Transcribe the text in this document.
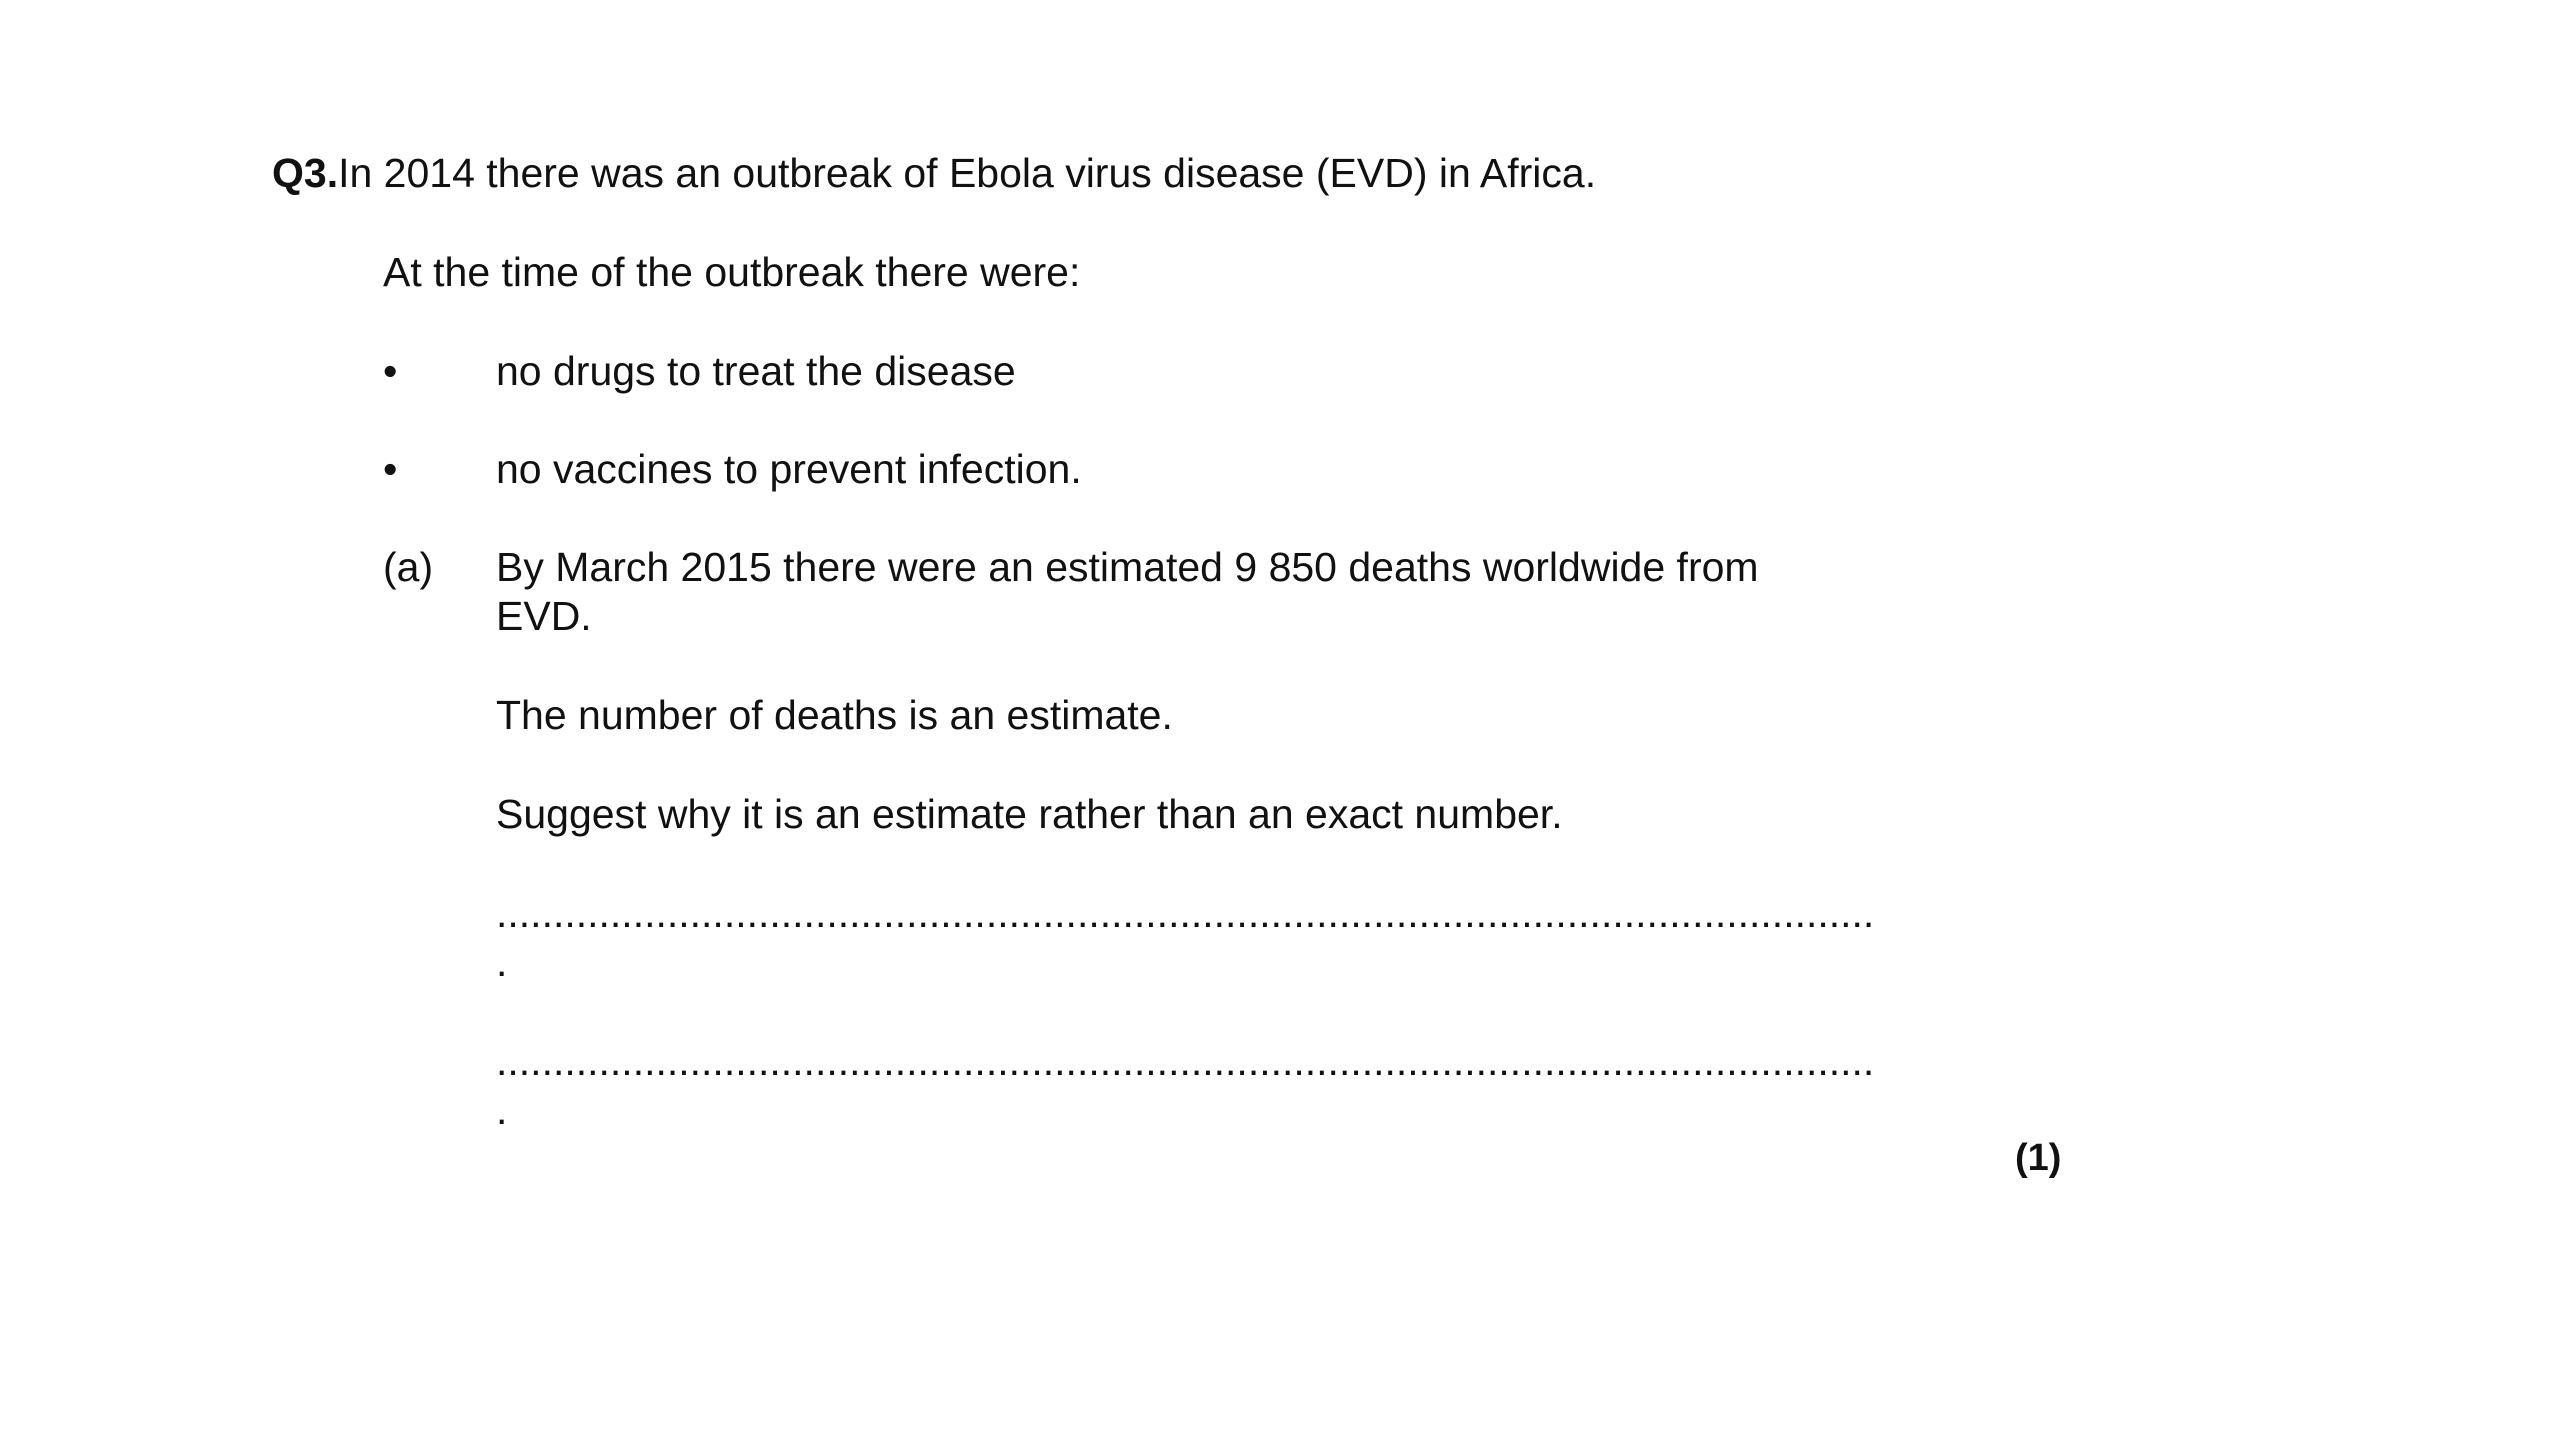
Q3.In 2014 there was an outbreak of Ebola virus disease (EVD) in Africa.
At the time of the outbreak there were:
• no drugs to treat the disease
• no vaccines to prevent infection.
(a) By March 2015 there were an estimated 9 850 deaths worldwide from
EVD.
The number of deaths is an estimate.
Suggest why it is an estimate rather than an exact number.
.........................................................................................................................
.
.........................................................................................................................
.
(1)
